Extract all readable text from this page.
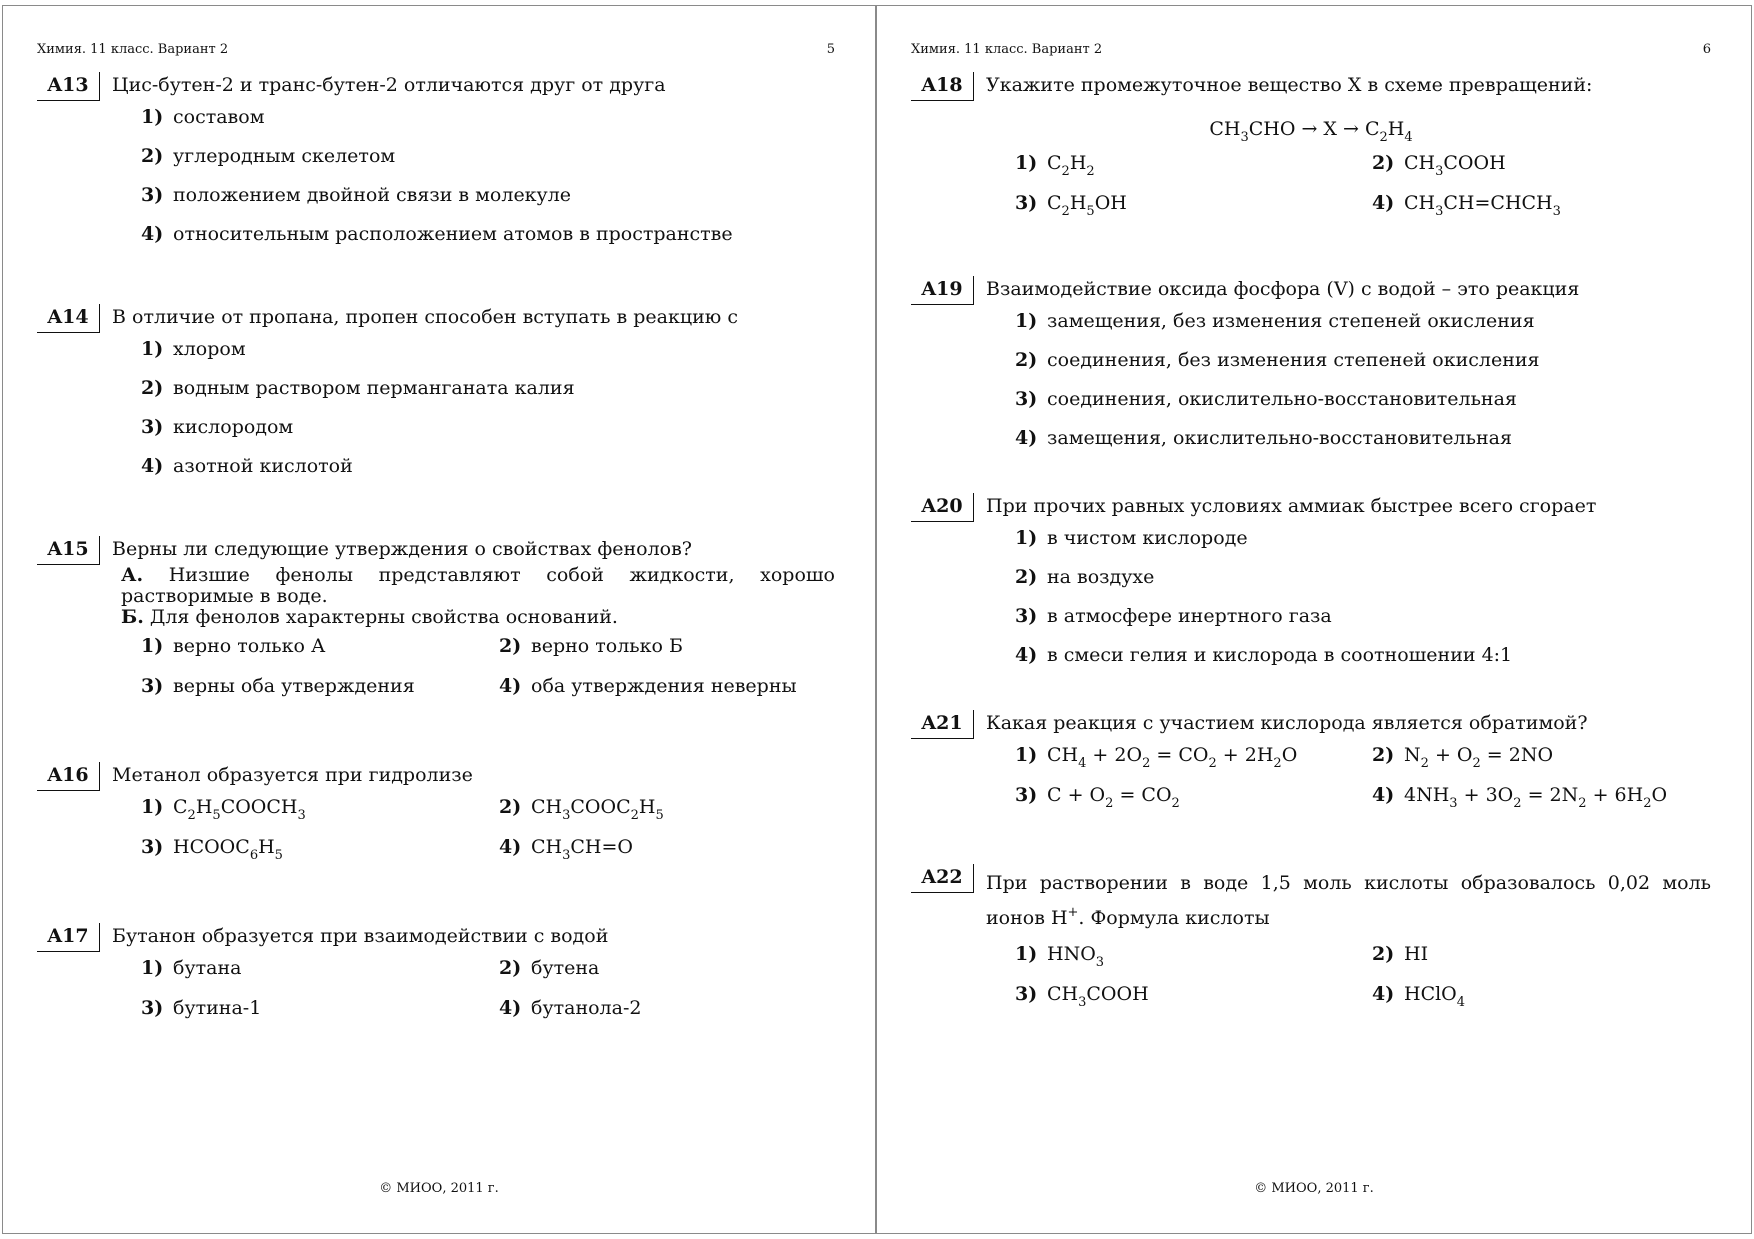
Химия. 11 класс. Вариант 2	5
A13	Цис-бутен-2 и транс-бутен-2 отличаются друг от друга
1) составом
2) углеродным скелетом
3) положением двойной связи в молекуле
4) относительным расположением атомов в пространстве
A14	В отличие от пропана, пропен способен вступать в реакцию с
1) хлором
2) водным раствором перманганата калия
3) кислородом
4) азотной кислотой
A15	Верны ли следующие утверждения о свойствах фенолов?
А. Низшие фенолы представляют собой жидкости, хорошо растворимые в воде.
Б. Для фенолов характерны свойства оснований.
1) верно только А	2) верно только Б
3) верны оба утверждения	4) оба утверждения неверны
A16	Метанол образуется при гидролизе
1) $C_2H_5COOCH_3$	2) $CH_3COOC_2H_5$
3) $HCOOC_6H_5$	4) $CH_3CH=O$
A17	Бутанон образуется при взаимодействии с водой
1) бутана	2) бутена
3) бутина-1	4) бутанола-2
© МИОО, 2011 г.
Химия. 11 класс. Вариант 2	6
A18	Укажите промежуточное вещество X в схеме превращений:
$CH_3CHO \to X \to C_2H_4$
1) $C_2H_2$	2) $CH_3COOH$
3) $C_2H_5OH$	4) $CH_3CH=CHCH_3$
A19	Взаимодействие оксида фосфора (V) с водой – это реакция
1) замещения, без изменения степеней окисления
2) соединения, без изменения степеней окисления
3) соединения, окислительно-восстановительная
4) замещения, окислительно-восстановительная
A20	При прочих равных условиях аммиак быстрее всего сгорает
1) в чистом кислороде
2) на воздухе
3) в атмосфере инертного газа
4) в смеси гелия и кислорода в соотношении 4:1
A21	Какая реакция с участием кислорода является обратимой?
1) $CH_4 + 2O_2 = CO_2 + 2H_2O$	2) $N_2 + O_2 = 2NO$
3) $C + O_2 = CO_2$	4) $4NH_3 + 3O_2 = 2N_2 + 6H_2O$
A22	При растворении в воде 1,5 моль кислоты образовалось 0,02 моль ионов H+. Формула кислоты
1) $HNO_3$	2) HI
3) $CH_3COOH$	4) HClO$_4$
© МИОО, 2011 г.
